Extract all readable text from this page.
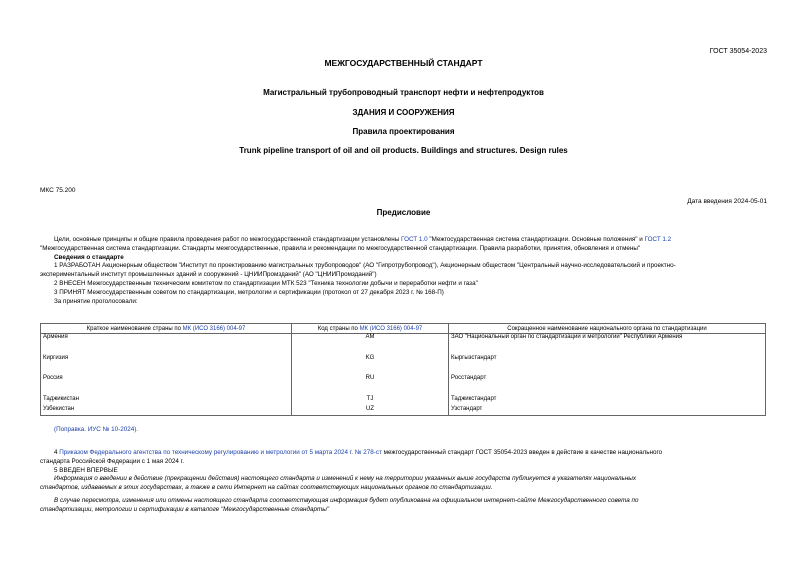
ГОСТ 35054-2023
МЕЖГОСУДАРСТВЕННЫЙ СТАНДАРТ
Магистральный трубопроводный транспорт нефти и нефтепродуктов
ЗДАНИЯ И СООРУЖЕНИЯ
Правила проектирования
Trunk pipeline transport of oil and oil products. Buildings and structures. Design rules
МКС 75.200
Дата введения 2024-05-01
Предисловие
Цели, основные принципы и общие правила проведения работ по межгосударственной стандартизации установлены ГОСТ 1.0 "Межгосударственная система стандартизации. Основные положения" и ГОСТ 1.2
"Межгосударственная система стандартизации. Стандарты межгосударственные, правила и рекомендации по межгосударственной стандартизации. Правила разработки, принятия, обновления и отмены"
Сведения о стандарте
1 РАЗРАБОТАН Акционерным обществом "Институт по проектированию магистральных трубопроводов" (АО "Гипротрубопровод"), Акционерным обществом "Центральный научно-исследовательский и проектно-
экспериментальный институт промышленных зданий и сооружений - ЦНИИПромзданий" (АО "ЦНИИПромзданий")
2 ВНЕСЕН Межгосударственным техническим комитетом по стандартизации МТК 523 "Техника технологии добычи и переработки нефти и газа"
3 ПРИНЯТ Межгосударственным советом по стандартизации, метрологии и сертификации (протокол от 27 декабря 2023 г. № 168-П)
За принятие проголосовали:
Краткое наименование страны по МК (ИСО 3166) 004-97	Код страны по МК (ИСО 3166) 004-97	Сокращенное наименование национального органа по стандартизации
Армения	AM	ЗАО "Национальный орган по стандартизации и метрологии" Республики Армения
Киргизия	KG	Кыргызстандарт
Россия	RU	Росстандарт
Таджикистан	TJ	Таджикстандарт
Узбекистан	UZ	Узстандарт
(Поправка. ИУС № 10-2024).
4 Приказом Федерального агентства по техническому регулированию и метрологии от 5 марта 2024 г. № 278-ст межгосударственный стандарт ГОСТ 35054-2023 введен в действие в качестве национального
стандарта Российской Федерации с 1 мая 2024 г.
5 ВВЕДЕН ВПЕРВЫЕ
Информация о введении в действие (прекращении действия) настоящего стандарта и изменений к нему на территории указанных выше государств публикуется в указателях национальных
стандартов, издаваемых в этих государствах, а также в сети Интернет на сайтах соответствующих национальных органов по стандартизации.
В случае пересмотра, изменения или отмены настоящего стандарта соответствующая информация будет опубликована на официальном интернет-сайте Межгосударственного совета по
стандартизации, метрологии и сертификации в каталоге "Межгосударственные стандарты"
